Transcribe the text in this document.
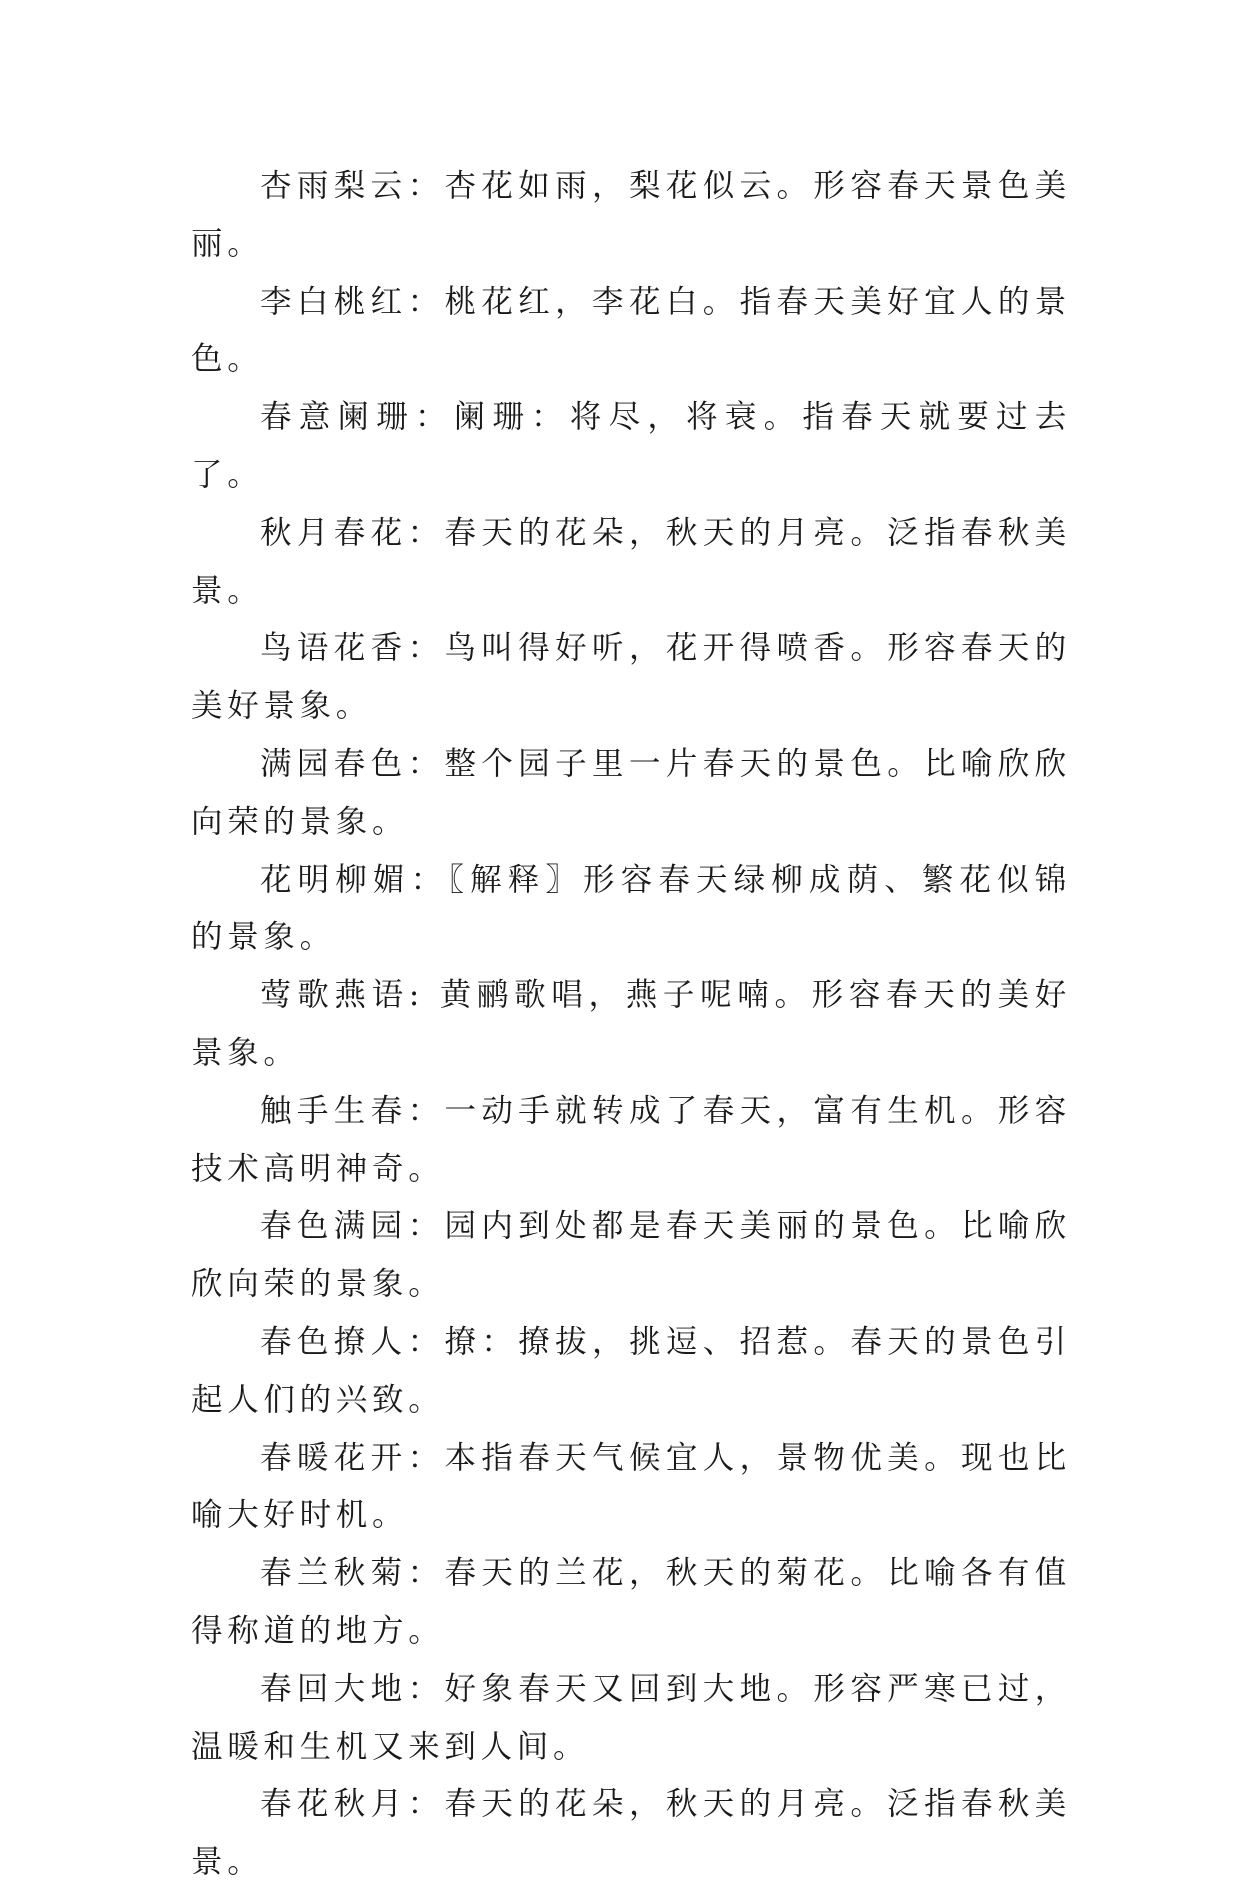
杏雨梨云：杏花如雨，梨花似云。形容春天景色美丽。

李白桃红：桃花红，李花白。指春天美好宜人的景色。

春意阑珊：阑珊：将尽，将衰。指春天就要过去了。

秋月春花：春天的花朵，秋天的月亮。泛指春秋美景。

鸟语花香：鸟叫得好听，花开得喷香。形容春天的美好景象。

满园春色：整个园子里一片春天的景色。比喻欣欣向荣的景象。

花明柳媚：〖解释〗形容春天绿柳成荫、繁花似锦的景象。

莺歌燕语: 黄鹂歌唱，燕子呢喃。形容春天的美好景象。

触手生春：一动手就转成了春天，富有生机。形容技术高明神奇。

春色满园：园内到处都是春天美丽的景色。比喻欣欣向荣的景象。

春色撩人：撩：撩拔，挑逗、招惹。春天的景色引起人们的兴致。

春暖花开：本指春天气候宜人，景物优美。现也比喻大好时机。

春兰秋菊：春天的兰花，秋天的菊花。比喻各有值得称道的地方。

春回大地：好象春天又回到大地。形容严寒已过，温暖和生机又来到人间。

春花秋月：春天的花朵，秋天的月亮。泛指春秋美景。
